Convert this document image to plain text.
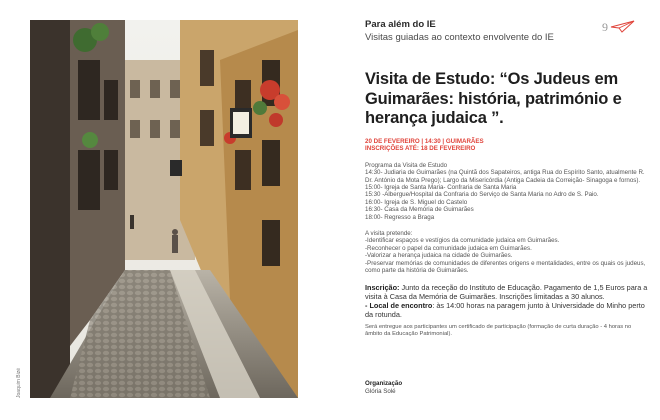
Joaquim Bizé
Para além do IE
Visitas guiadas ao contexto envolvente do IE
9
Visita de Estudo: “Os Judeus em Guimarães: história, património e herança judaica ”.
20 DE FEVEREIRO | 14:30 | GUIMARÃES
INSCRIÇÕES ATÉ: 18 DE FEVEREIRO
Programa da Visita de Estudo
14:30- Judiaria de Guimarães (na Quintã dos Sapateiros, antiga Rua do Espírito Santo, atualmente R. Dr. António da Mota Prego); Largo da Misericórdia (Antiga Cadeia da Correição- Sinagoga e fornos).
15:00- Igreja de Santa Maria- Confraria de Santa Maria
15:30 -Albergue/Hospital da Confraria do Serviço de Santa Maria no Adro de S. Paio.
16:00- Igreja de S. Miguel do Castelo
16:30- Casa da Memória de Guimarães
18:00- Regresso a Braga
A visita pretende:
-Identificar espaços e vestígios da comunidade judaica em Guimarães.
-Reconhecer o papel da comunidade judaica em Guimarães.
-Valorizar a herança judaica na cidade de Guimarães.
-Preservar memórias de comunidades de diferentes origens e mentalidades, entre os quais os judeus, como parte da história de Guimarães.
Inscrição: Junto da receção do Instituto de Educação. Pagamento de 1,5 Euros para a visita à Casa da Memória de Guimarães. Inscrições limitadas a 30 alunos.
- Local de encontro: às 14:00 horas na paragem junto à Universidade do Minho perto da rotunda.
Será entregue aos participantes um certificado de participação (formação de curta duração - 4 horas no âmbito da Educação Patrimonial).
Organização
Glória Solé
